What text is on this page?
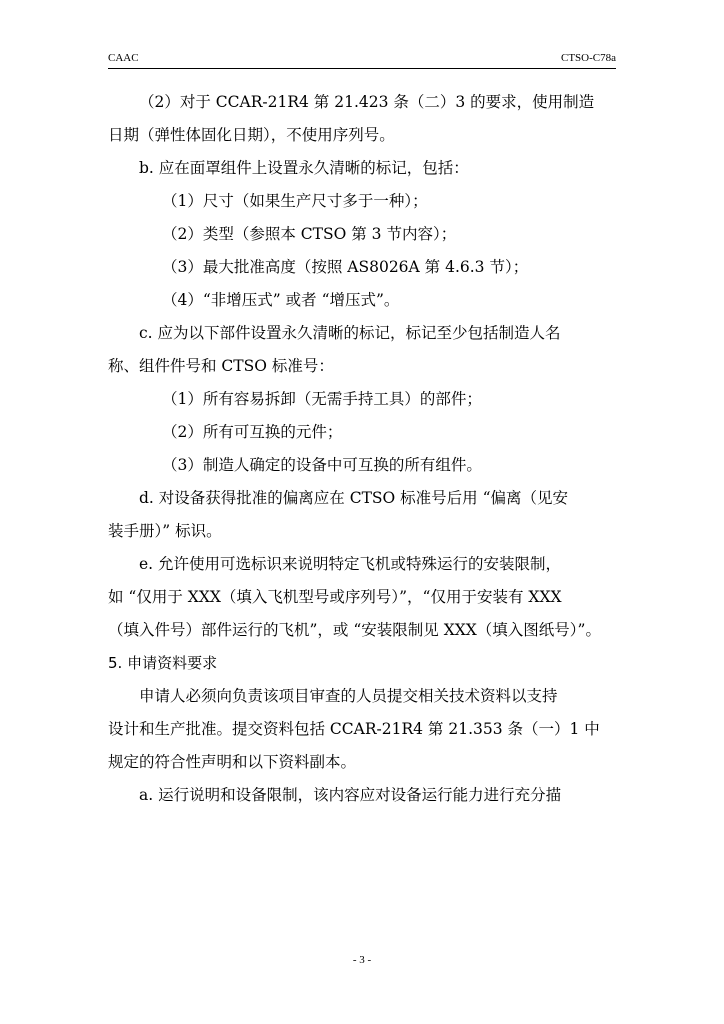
CAAC	CTSO-C78a
（2）对于 CCAR-21R4 第 21.423 条（二）3 的要求，使用制造
日期（弹性体固化日期），不使用序列号。
b. 应在面罩组件上设置永久清晰的标记，包括：
（1）尺寸（如果生产尺寸多于一种）；
（2）类型（参照本 CTSO 第 3 节内容）；
（3）最大批准高度（按照 AS8026A 第 4.6.3 节）；
（4）“非增压式” 或者 “增压式”。
c. 应为以下部件设置永久清晰的标记，标记至少包括制造人名
称、组件件号和 CTSO 标准号：
（1）所有容易拆卸（无需手持工具）的部件；
（2）所有可互换的元件；
（3）制造人确定的设备中可互换的所有组件。
d. 对设备获得批准的偏离应在 CTSO 标准号后用 “偏离（见安
装手册）” 标识。
e. 允许使用可选标识来说明特定飞机或特殊运行的安装限制，
如 “仅用于 XXX（填入飞机型号或序列号）”，“仅用于安装有 XXX
（填入件号）部件运行的飞机”，或 “安装限制见 XXX（填入图纸号）”。
5. 申请资料要求
申请人必须向负责该项目审查的人员提交相关技术资料以支持
设计和生产批准。提交资料包括 CCAR-21R4 第 21.353 条（一）1 中
规定的符合性声明和以下资料副本。
a. 运行说明和设备限制，该内容应对设备运行能力进行充分描
- 3 -
